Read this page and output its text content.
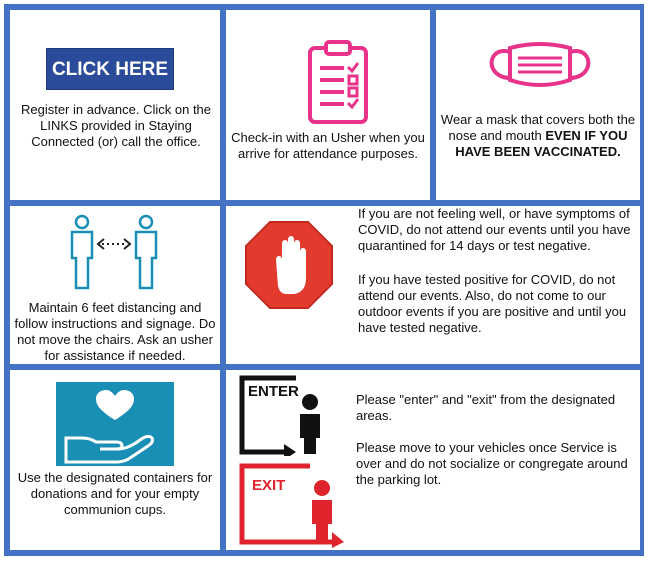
CLICK HERE
Register in advance. Click on the LINKS provided in Staying Connected (or) call the office.	Check-in with an Usher when you arrive for attendance purposes.
Wear a mask that covers both the nose and mouth EVEN IF YOU HAVE BEEN VACCINATED.
Maintain 6 feet distancing and follow instructions and signage. Do not move the chairs. Ask an usher for assistance if needed.
If you are not feeling well, or have symptoms of COVID, do not attend our events until you have quarantined for 14 days or test negative.
If you have tested positive for COVID, do not attend our events. Also, do not come to our outdoor events if you are positive and until you have tested negative.
Use the designated containers for donations and for your empty communion cups.
ENTER
EXIT
Please "enter" and "exit" from the designated areas.
Please move to your vehicles once Service is over and do not socialize or congregate around the parking lot.
